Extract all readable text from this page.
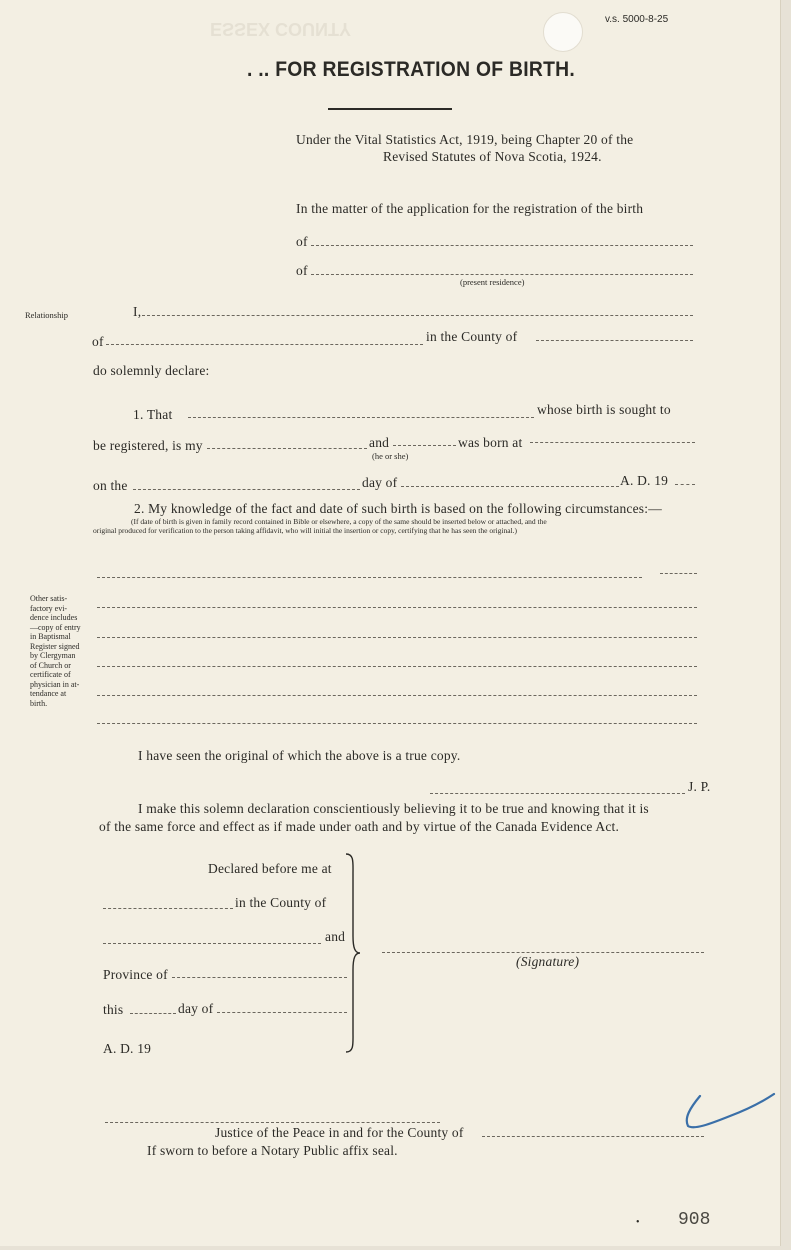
ESSEX COUNTY	v.s. 5000-8-25
. .. FOR REGISTRATION OF BIRTH.
Under the Vital Statistics Act, 1919, being Chapter 20 of the
Revised Statutes of Nova Scotia, 1924.
In the matter of the application for the registration of the birth
of
of
(present residence)
Relationship	I,
of	in the County of
do solemnly declare:
1. That	whose birth is sought to
be registered, is my	and	was born at
(he or she)
on the	day of	A. D. 19
2. My knowledge of the fact and date of such birth is based on the following circumstances:—
(If date of birth is given in family record contained in Bible or elsewhere, a copy of the same should be inserted below or attached, and the
original produced for verification to the person taking affidavit, who will initial the insertion or copy, certifying that he has seen the original.)
Other satis-
factory evi-
dence includes
—copy of entry
in Baptismal
Register signed
by Clergyman
of Church or
certificate of
physician in at-
tendance at
birth.
I have seen the original of which the above is a true copy.
J. P.
I make this solemn declaration conscientiously believing it to be true and knowing that it is
of the same force and effect as if made under oath and by virtue of the Canada Evidence Act.
Declared before me at
in the County of
and
Province of
this	day of
A. D. 19
(Signature)
Justice of the Peace in and for the County of
If sworn to before a Notary Public affix seal.
• 908
